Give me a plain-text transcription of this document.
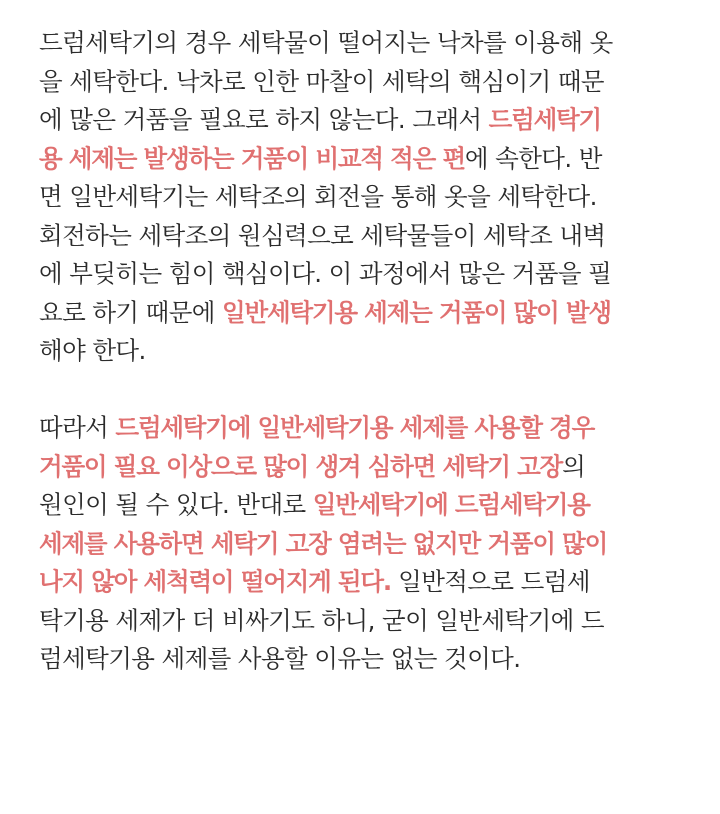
드럼세탁기의 경우 세탁물이 떨어지는 낙차를 이용해 옷
을 세탁한다. 낙차로 인한 마찰이 세탁의 핵심이기 때문
에 많은 거품을 필요로 하지 않는다. 그래서 드럼세탁기
용 세제는 발생하는 거품이 비교적 적은 편에 속한다. 반
면 일반세탁기는 세탁조의 회전을 통해 옷을 세탁한다.
회전하는 세탁조의 원심력으로 세탁물들이 세탁조 내벽
에 부딪히는 힘이 핵심이다. 이 과정에서 많은 거품을 필
요로 하기 때문에 일반세탁기용 세제는 거품이 많이 발생
해야 한다.
따라서 드럼세탁기에 일반세탁기용 세제를 사용할 경우
거품이 필요 이상으로 많이 생겨 심하면 세탁기 고장의
원인이 될 수 있다. 반대로 일반세탁기에 드럼세탁기용
세제를 사용하면 세탁기 고장 염려는 없지만 거품이 많이
나지 않아 세척력이 떨어지게 된다. 일반적으로 드럼세
탁기용 세제가 더 비싸기도 하니, 굳이 일반세탁기에 드
럼세탁기용 세제를 사용할 이유는 없는 것이다.
